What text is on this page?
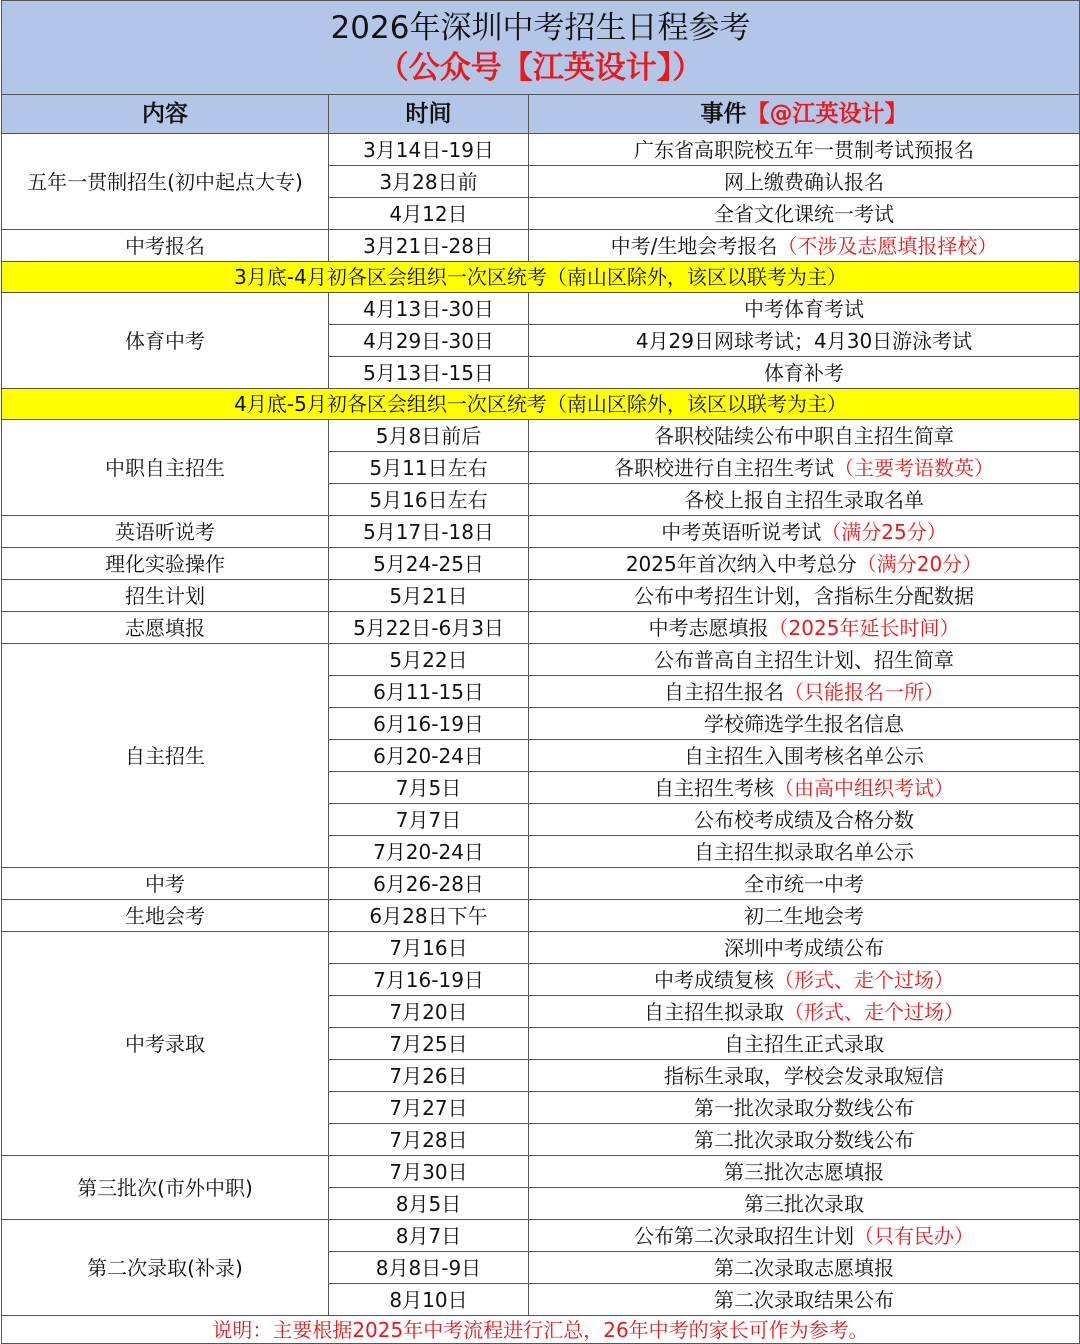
2026年深圳中考招生日程参考
（公众号【江英设计】）		

内容	时间	事件【@江英设计】
五年一贯制招生(初中起点大专)	3月14日-19日	广东省高职院校五年一贯制考试预报名
	3月28日前	网上缴费确认报名
	4月12日	全省文化课统一考试
中考报名	3月21日-28日	中考/生地会考报名（不涉及志愿填报择校）
3月底-4月初各区会组织一次区统考（南山区除外，该区以联考为主）		
体育中考	4月13日-30日	中考体育考试
	4月29日-30日	4月29日网球考试；4月30日游泳考试
	5月13日-15日	体育补考
4月底-5月初各区会组织一次区统考（南山区除外，该区以联考为主）		
中职自主招生	5月8日前后	各职校陆续公布中职自主招生简章
	5月11日左右	各职校进行自主招生考试（主要考语数英）
	5月16日左右	各校上报自主招生录取名单
英语听说考	5月17日-18日	中考英语听说考试（满分25分）
理化实验操作	5月24-25日	2025年首次纳入中考总分（满分20分）
招生计划	5月21日	公布中考招生计划，含指标生分配数据
志愿填报	5月22日-6月3日	中考志愿填报（2025年延长时间）
自主招生	5月22日	公布普高自主招生计划、招生简章
	6月11-15日	自主招生报名（只能报名一所）
	6月16-19日	学校筛选学生报名信息
	6月20-24日	自主招生入围考核名单公示
	7月5日	自主招生考核（由高中组织考试）
	7月7日	公布校考成绩及合格分数
	7月20-24日	自主招生拟录取名单公示
中考	6月26-28日	全市统一中考
生地会考	6月28日下午	初二生地会考
中考录取	7月16日	深圳中考成绩公布
	7月16-19日	中考成绩复核（形式、走个过场）
	7月20日	自主招生拟录取（形式、走个过场）
	7月25日	自主招生正式录取
	7月26日	指标生录取，学校会发录取短信
	7月27日	第一批次录取分数线公布
	7月28日	第二批次录取分数线公布
第三批次(市外中职)	7月30日	第三批次志愿填报
	8月5日	第三批次录取
第二次录取(补录)	8月7日	公布第二次录取招生计划（只有民办）
	8月8日-9日	第二次录取志愿填报
	8月10日	第二次录取结果公布
说明：主要根据2025年中考流程进行汇总，26年中考的家长可作为参考。		
